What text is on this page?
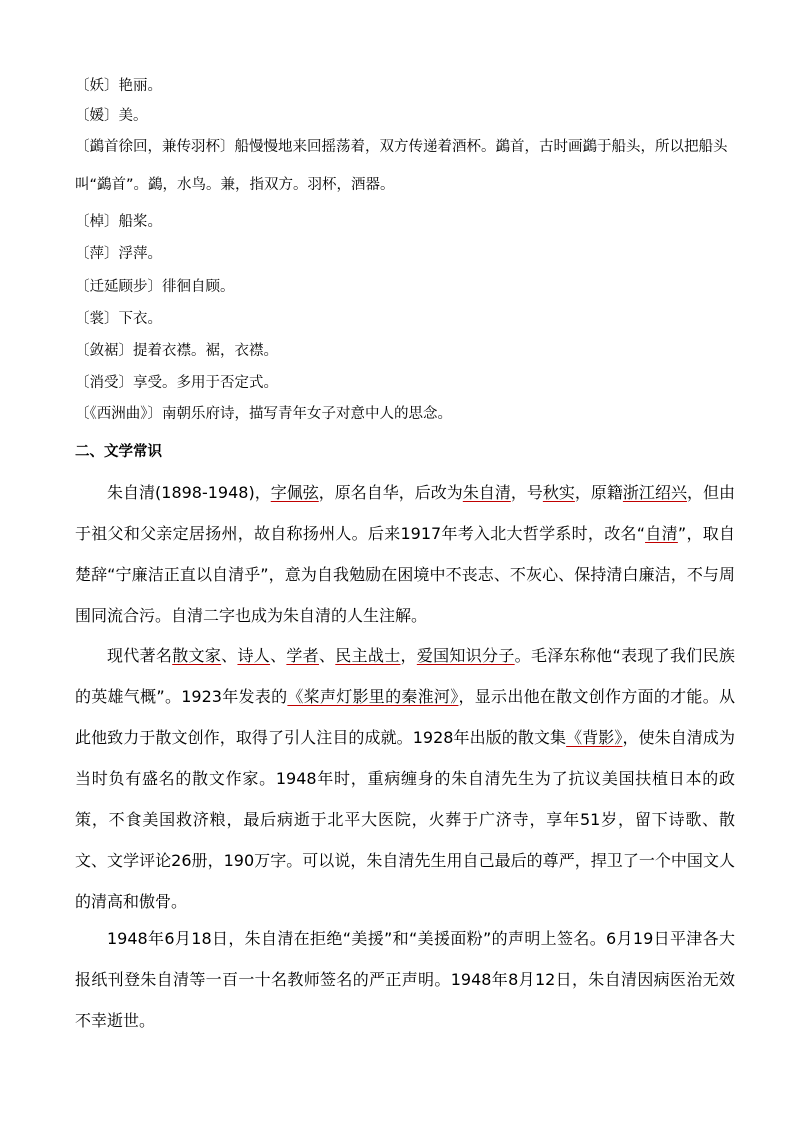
〔妖〕艳丽。
〔媛〕美。
〔鷁首徐回，兼传羽杯〕船慢慢地来回摇荡着，双方传递着酒杯。鷁首，古时画鷁于船头，所以把船头叫“鷁首”。鷁，水鸟。兼，指双方。羽杯，酒器。
〔棹〕船桨。
〔萍〕浮萍。
〔迁延顾步〕徘徊自顾。
〔裳〕下衣。
〔敛裾〕提着衣襟。裾，衣襟。
〔消受〕享受。多用于否定式。
〔《西洲曲》〕南朝乐府诗，描写青年女子对意中人的思念。
二、文学常识
朱自清(1898-1948)，字佩弦，原名自华，后改为朱自清，号秋实，原籍浙江绍兴，但由于祖父和父亲定居扬州，故自称扬州人。后来1917年考入北大哲学系时，改名“自清”，取自楚辞“宁廉洁正直以自清乎”，意为自我勉励在困境中不丧志、不灰心、保持清白廉洁，不与周围同流合污。自清二字也成为朱自清的人生注解。
现代著名散文家、诗人、学者、民主战士，爱国知识分子。毛泽东称他“表现了我们民族的英雄气概”。1923年发表的《桨声灯影里的秦淮河》，显示出他在散文创作方面的才能。从此他致力于散文创作，取得了引人注目的成就。1928年出版的散文集《背影》，使朱自清成为当时负有盛名的散文作家。1948年时，重病缠身的朱自清先生为了抗议美国扶植日本的政策，不食美国救济粮，最后病逝于北平大医院，火葬于广济寺，享年51岁，留下诗歌、散文、文学评论26册，190万字。可以说，朱自清先生用自己最后的尊严，捍卫了一个中国文人的清高和傲骨。
1948年6月18日，朱自清在拒绝“美援”和“美援面粉”的声明上签名。6月19日平津各大报纸刊登朱自清等一百一十名教师签名的严正声明。1948年8月12日，朱自清因病医治无效不幸逝世。
